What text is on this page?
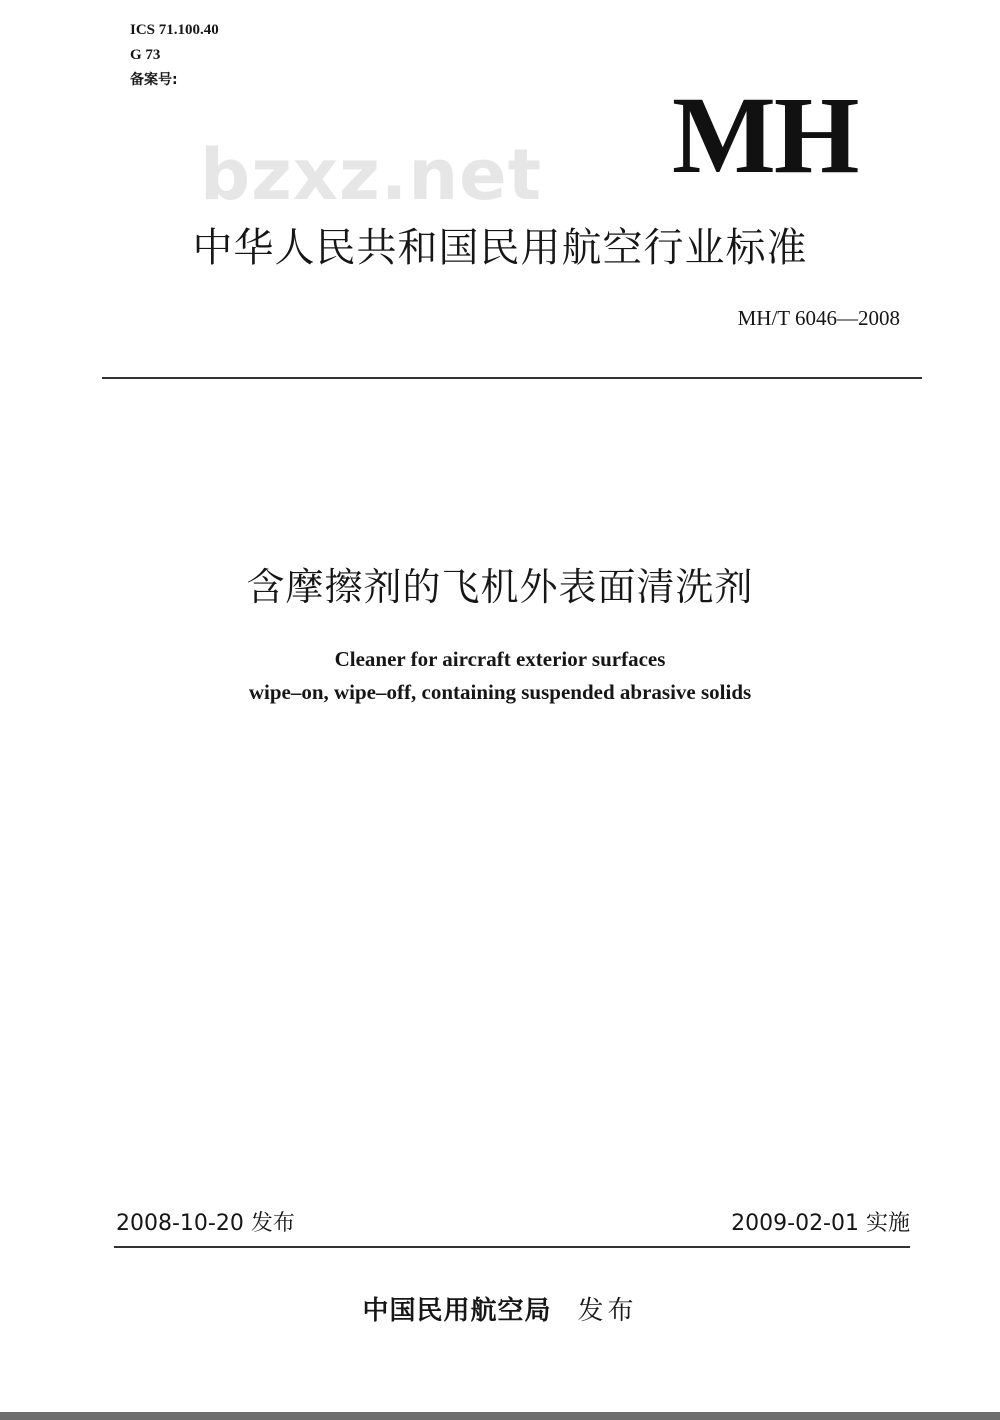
ICS 71.100.40
G 73
备案号:
bzxz.net MH
中华人民共和国民用航空行业标准
MH/T 6046—2008
含摩擦剂的飞机外表面清洗剂
Cleaner for aircraft exterior surfaces
wipe–on, wipe–off, containing suspended abrasive solids
2008-10-20 发布	2009-02-01 实施
中国民用航空局 发布
